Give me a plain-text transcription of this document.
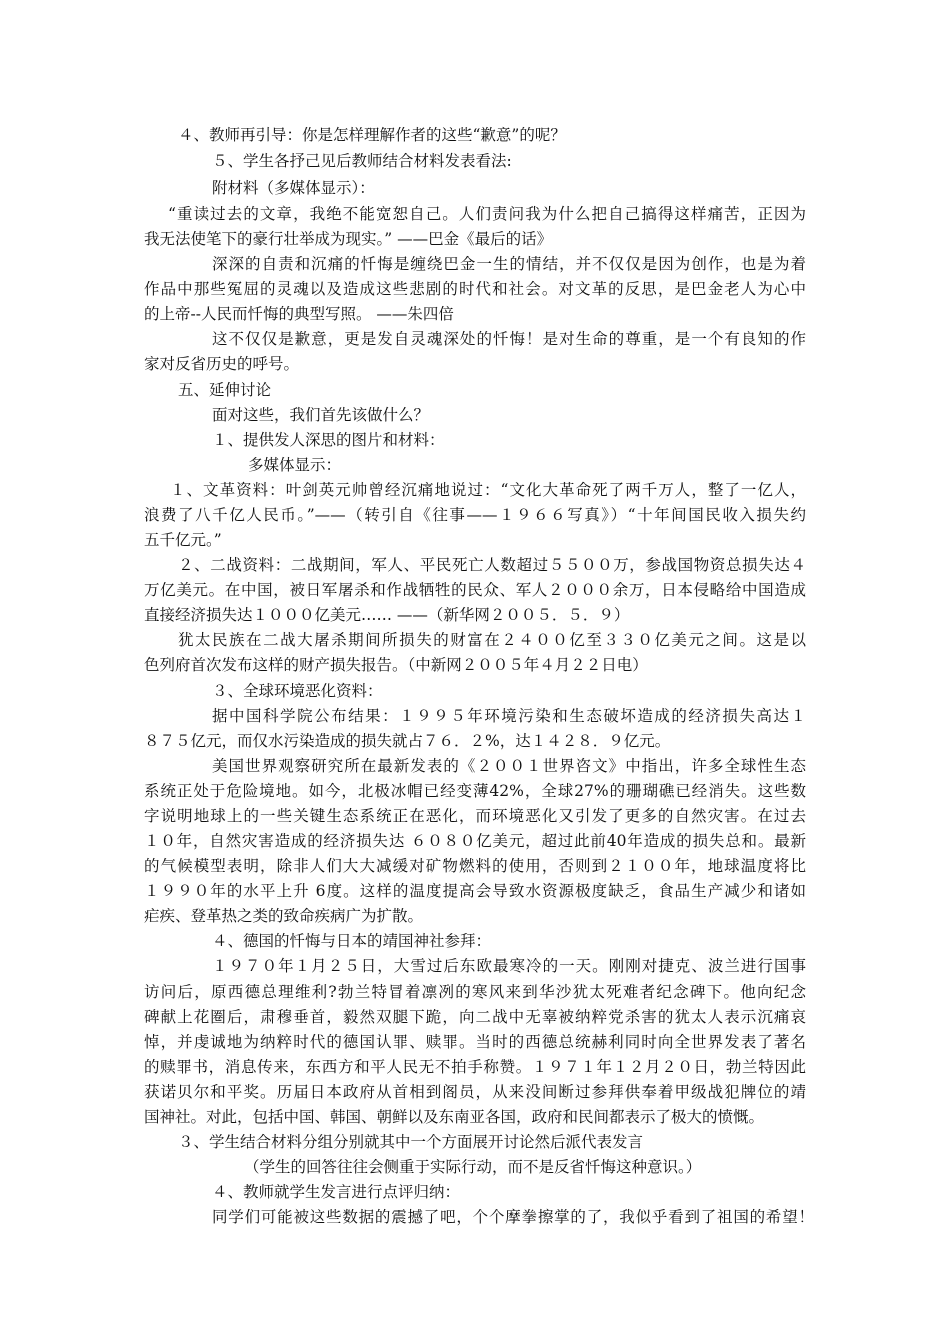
４、教师再引导：你是怎样理解作者的这些“歉意”的呢？
５、学生各抒己见后教师结合材料发表看法:
附材料（多媒体显示）：
“重读过去的文章，我绝不能宽恕自己。人们责问我为什么把自己搞得这样痛苦，正因为
我无法使笔下的豪行壮举成为现实。” ——巴金《最后的话》
深深的自责和沉痛的忏悔是缠绕巴金一生的情结，并不仅仅是因为创作，也是为着
作品中那些冤屈的灵魂以及造成这些悲剧的时代和社会。对文革的反思，是巴金老人为心中
的上帝--人民而忏悔的典型写照。 ——朱四倍
这不仅仅是歉意，更是发自灵魂深处的忏悔！是对生命的尊重，是一个有良知的作
家对反省历史的呼号。
五、延伸讨论
面对这些，我们首先该做什么？
１、提供发人深思的图片和材料：
多媒体显示：
１、文革资料：叶剑英元帅曾经沉痛地说过：“文化大革命死了两千万人，整了一亿人，
浪费了八千亿人民币。”——（转引自《往事——１９６６写真》）“十年间国民收入损失约
五千亿元。”
２、二战资料：二战期间，军人、平民死亡人数超过５５００万，参战国物资总损失达４
万亿美元。在中国，被日军屠杀和作战牺牲的民众、军人２０００余万，日本侵略给中国造成
直接经济损失达１０００亿美元…… ——（新华网２００５．５．９）
犹太民族在二战大屠杀期间所损失的财富在２４００亿至３３０亿美元之间。这是以
色列府首次发布这样的财产损失报告。（中新网２００５年４月２２日电）
３、全球环境恶化资料：
据中国科学院公布结果：１９９５年环境污染和生态破坏造成的经济损失高达１
８７５亿元，而仅水污染造成的损失就占７６．２%，达１４２８．９亿元。
美国世界观察研究所在最新发表的《２００１世界咨文》中指出，许多全球性生态
系统正处于危险境地。如今，北极冰帽已经变薄42%，全球27%的珊瑚礁已经消失。这些数
字说明地球上的一些关键生态系统正在恶化，而环境恶化又引发了更多的自然灾害。在过去
１０年，自然灾害造成的经济损失达 ６０８０亿美元，超过此前40年造成的损失总和。最新
的气候模型表明，除非人们大大减缓对矿物燃料的使用，否则到２１００年，地球温度将比
１９９０年的水平上升 6度。这样的温度提高会导致水资源极度缺乏，食品生产减少和诸如
疟疾、登革热之类的致命疾病广为扩散。
４、德国的忏悔与日本的靖国神社参拜：
１９７０年１月２５日，大雪过后东欧最寒冷的一天。刚刚对捷克、波兰进行国事
访问后，原西德总理维利?勃兰特冒着凛冽的寒风来到华沙犹太死难者纪念碑下。他向纪念
碑献上花圈后，肃穆垂首，毅然双腿下跪，向二战中无辜被纳粹党杀害的犹太人表示沉痛哀
悼，并虔诚地为纳粹时代的德国认罪、赎罪。当时的西德总统赫利同时向全世界发表了著名
的赎罪书，消息传来，东西方和平人民无不拍手称赞。１９７１年１２月２０日，勃兰特因此
获诺贝尔和平奖。历届日本政府从首相到阁员，从来没间断过参拜供奉着甲级战犯牌位的靖
国神社。对此，包括中国、韩国、朝鲜以及东南亚各国，政府和民间都表示了极大的愤慨。
３、学生结合材料分组分别就其中一个方面展开讨论然后派代表发言
（学生的回答往往会侧重于实际行动，而不是反省忏悔这种意识。）
４、教师就学生发言进行点评归纳：
同学们可能被这些数据的震撼了吧，个个摩拳擦掌的了，我似乎看到了祖国的希望！
